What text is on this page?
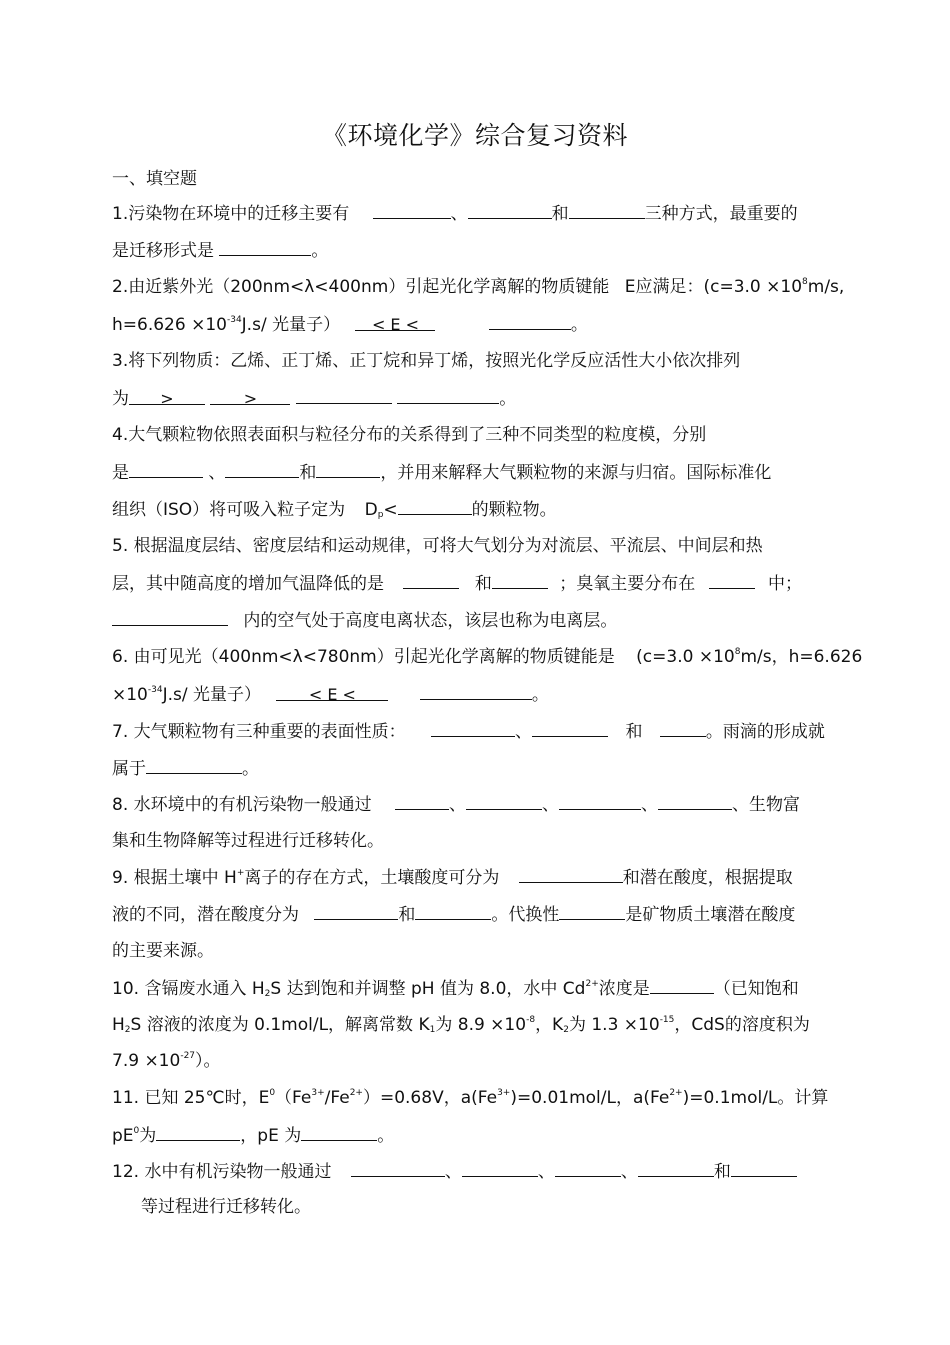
《环境化学》综合复习资料
一、填空题
1.污染物在环境中的迁移主要有	、	和	三种方式，最重要的
是迁移形式是	。
2.由近紫外光（200nm<λ<400nm）引起光化学离解的物质键能 E应满足：($c=3.0 \times 10^8m/s$,
$h=6.626 \times 10^{-34}J.s/$ 光量子） < E <	。
3.将下列物质：乙烯、正丁烯、正丁烷和异丁烯，按照光化学反应活性大小依次排列
为 >	>	。
4.大气颗粒物依照表面积与粒径分布的关系得到了三种不同类型的粒度模，分别
是	、	和	，并用来解释大气颗粒物的来源与归宿。国际标准化
组织（ISO）将可吸入粒子定为 $D_p<$	的颗粒物。
5. 根据温度层结、密度层结和运动规律，可将大气划分为对流层、平流层、中间层和热
层，其中随高度的增加气温降低的是	和	；臭氧主要分布在	中；
内的空气处于高度电离状态，该层也称为电离层。
6. 由可见光（400nm<λ<780nm）引起光化学离解的物质键能是 ($c=3.0 \times 10^8m/s$，h=6.626
$\times 10^{-34}J.s/$ 光量子）	< E <	。
7. 大气颗粒物有三种重要的表面性质：	、	和	。雨滴的形成就
属于	。
8. 水环境中的有机污染物一般通过	、	、	、	、生物富
集和生物降解等过程进行迁移转化。
9. 根据土壤中 H+离子的存在方式，土壤酸度可分为	和潜在酸度，根据提取
液的不同，潜在酸度分为	和	。代换性	是矿物质土壤潜在酸度
的主要来源。
10. 含镉废水通入 $H_2S$ 达到饱和并调整 pH 值为 8.0，水中 $Cd^{2+}$浓度是	（已知饱和
$H_2S$ 溶液的浓度为 0.1mol/L，解离常数 $K_1$为 $8.9 \times 10^{-8}$，$K_2$为 $1.3 \times 10^{-15}$，CdS的溶度积为
$7.9 \times 10^{-27}$）。
11. 已知 25℃时，$E^0(Fe^{3+}/Fe^{2+})=0.68V$，$a(Fe^{3+})=0.01mol/L$，$a(Fe^{2+})=0.1mol/L$。计算
$pE^0$为	，pE 为	。
12. 水中有机污染物一般通过	、	、	、	和
等过程进行迁移转化。
